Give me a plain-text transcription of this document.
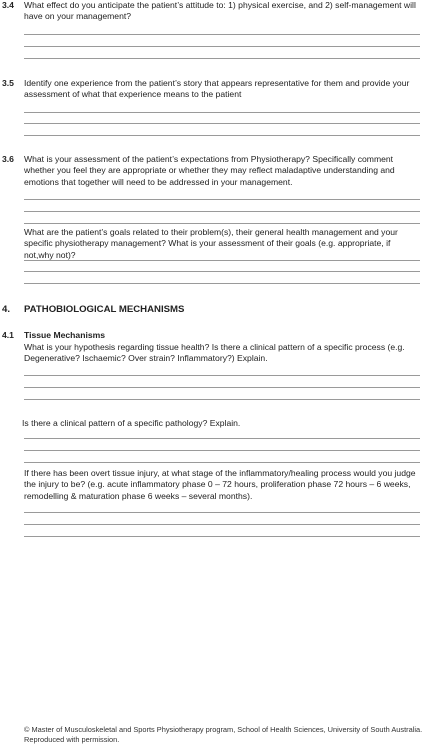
3.4 What effect do you anticipate the patient’s attitude to: 1) physical exercise, and 2) self-management will have on your management?
3.5 Identify one experience from the patient’s story that appears representative for them and provide your assessment of what that experience means to the patient
3.6 What is your assessment of the patient’s expectations from Physiotherapy? Specifically comment whether you feel they are appropriate or whether they may reflect maladaptive understanding and emotions that together will need to be addressed in your management.
What are the patient’s goals related to their problem(s), their general health management and your specific physiotherapy management? What is your assessment of their goals (e.g. appropriate, if not,why not)?
4. PATHOBIOLOGICAL MECHANISMS
4.1 Tissue Mechanisms
What is your hypothesis regarding tissue health? Is there a clinical pattern of a specific process (e.g. Degenerative? Ischaemic? Over strain? Inflammatory?) Explain.
Is there a clinical pattern of a specific pathology? Explain.
If there has been overt tissue injury, at what stage of the inflammatory/healing process would you judge the injury to be? (e.g. acute inflammatory phase 0 – 72 hours, proliferation phase 72 hours – 6 weeks, remodelling & maturation phase 6 weeks – several months).
© Master of Musculoskeletal and Sports Physiotherapy program, School of Health Sciences, University of South Australia.
Reproduced with permission.
